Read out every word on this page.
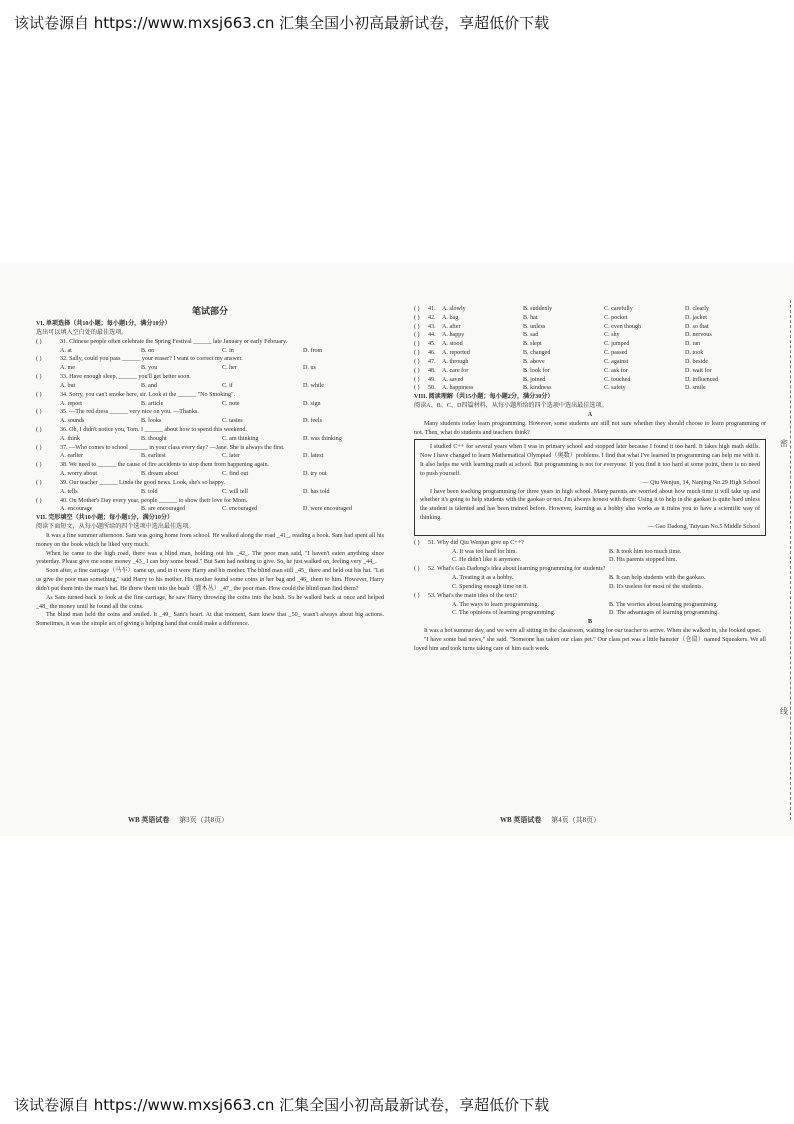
该试卷源自 https://www.mxsj663.cn 汇集全国小初高最新试卷，享超低价下载
笔试部分
VI. 单项选择（共10小题；每小题1分，满分10分）
选出可以填入空白处的最佳选项。
( )	31. Chinese people often celebrate the Spring Festival ______ late January or early February.
A. at	B. on	C. in	D. from
( )	32. Sally, could you pass ______ your eraser? I want to correct my answer.
A. me	B. you	C. her	D. us
( )	33. Have enough sleep, ______ you'll get better soon.
A. but	B. and	C. if	D. while
( )	34. Sorry, you can't smoke here, sir. Look at the ______ "No Smoking".
A. report	B. article	C. note	D. sign
( )	35. —The red dress ______ very nice on you. —Thanks.
A. sounds	B. looks	C. tastes	D. feels
( )	36. Oh, I didn't notice you, Tom. I ______ about how to spend this weekend.
A. think	B. thought	C. am thinking	D. was thinking
( )	37. —Who comes to school ______ in your class every day? —Jane. She is always the first.
A. earlier	B. earliest	C. later	D. latest
( )	38. We need to ______ the cause of fire accidents to stop them from happening again.
A. worry about	B. dream about	C. find out	D. try out
( )	39. Our teacher ______ Linda the good news. Look, she's so happy.
A. tells	B. told	C. will tell	D. has told
( )	40. On Mother's Day every year, people ______ to show their love for Mom.
A. encourage	B. are encouraged	C. encouraged	D. were encouraged
VII. 完形填空（共10小题；每小题1分，满分10分）
阅读下面短文，从每小题所给的四个选项中选出最佳选项。

It was a fine summer afternoon. Sam was going home from school. He walked along the road _41_, reading a book. Sam had spent all his money on the book which he liked very much.

When he came to the high road, there was a blind man, holding out his _42_. The poor man said, "I haven't eaten anything since yesterday. Please give me some money _43_ I can buy some bread." But Sam had nothing to give. So, he just walked on, feeling very _44_.

Soon after, a fine carriage（马车）came up, and in it were Harry and his mother. The blind man still _45_ there and held out his hat. "Let us give the poor man something," said Harry to his mother. His mother found some coins in her bag and _46_ them to him. However, Harry didn't put them into the man's hat. He threw them into the bush（灌木丛）_47_ the poor man. How could the blind man find them?

As Sam turned back to look at the fine carriage, he saw Harry throwing the coins into the bush. So he walked back at once and helped _48_ the money until he found all the coins.

The blind man held the coins and smiled. It _49_ Sam's heart. At that moment, Sam knew that _50_ wasn't always about big actions. Sometimes, it was the simple act of giving a helping hand that could make a difference.

( )	41.	A. slowly	B. suddenly	C. carefully	D. clearly
( )	42.	A. bag	B. hat	C. pocket	D. jacket
( )	43.	A. after	B. unless	C. even though	D. so that
( )	44.	A. happy	B. sad	C. shy	D. nervous
( )	45.	A. stood	B. slept	C. jumped	D. ran
( )	46.	A. reported	B. changed	C. passed	D. took
( )	47.	A. through	B. above	C. against	D. beside
( )	48.	A. care for	B. look for	C. ask for	D. wait for
( )	49.	A. saved	B. joined	C. touched	D. influenced
( )	50.	A. happiness	B. kindness	C. safety	D. smile
VIII. 阅读理解（共15小题；每小题2分，满分30分）
阅读A、B、C、D四篇材料，从每小题所给的四个选项中选出最佳选项。
A

Many students today learn programming. However, some students are still not sure whether they should choose to learn programming or not. Then, what do students and teachers think?

I studied C++ for several years when I was in primary school and stopped later because I found it too hard. It takes high math skills. Now I have changed to learn Mathematical Olympiad（奥数）problems. I find that what I've learned in programming can help me with it. It also helps me with learning math at school. But programming is not for everyone. If you find it too hard at some point, there is no need to push yourself.

— Qiu Wenjun, 14, Nanjing No.29 High School

I have been teaching programming for three years in high school. Many parents are worried about how much time it will take up and whether it's going to help students with the gaokao or not. I'm always honest with them: Using it to help in the gaokao is quite hard unless the student is talented and has been trained before. However, learning as a hobby also works as it trains you to have a scientific way of thinking.

— Gao Dadong, Taiyuan No.5 Middle School
( )	51. Why did Qiu Wenjun give up C++?
A. It was too hard for him.	B. It took him too much time.
C. He didn't like it anymore.	D. His parents stopped him.
( )	52. What's Gao Dadong's idea about learning programming for students?
A. Treating it as a hobby.	B. It can help students with the gaokao.
C. Spending enough time on it.	D. It's useless for most of the students.
( )	53. What's the main idea of the text?
A. The ways to learn programming.	B. The worries about learning programming.
C. The opinions of learning programming.	D. The advantages of learning programming.
B

It was a hot summer day, and we were all sitting in the classroom, waiting for our teacher to arrive. When she walked in, she looked upset.

"I have some bad news," she said. "Someone has taken our class pet." Our class pet was a little hamster（仓鼠）named Squeakers. We all loved him and took turns taking care of him each week.

WB 英语试卷 第3页（共8页）	WB 英语试卷 第4页（共8页）
密
线
该试卷源自 https://www.mxsj663.cn 汇集全国小初高最新试卷，享超低价下载
